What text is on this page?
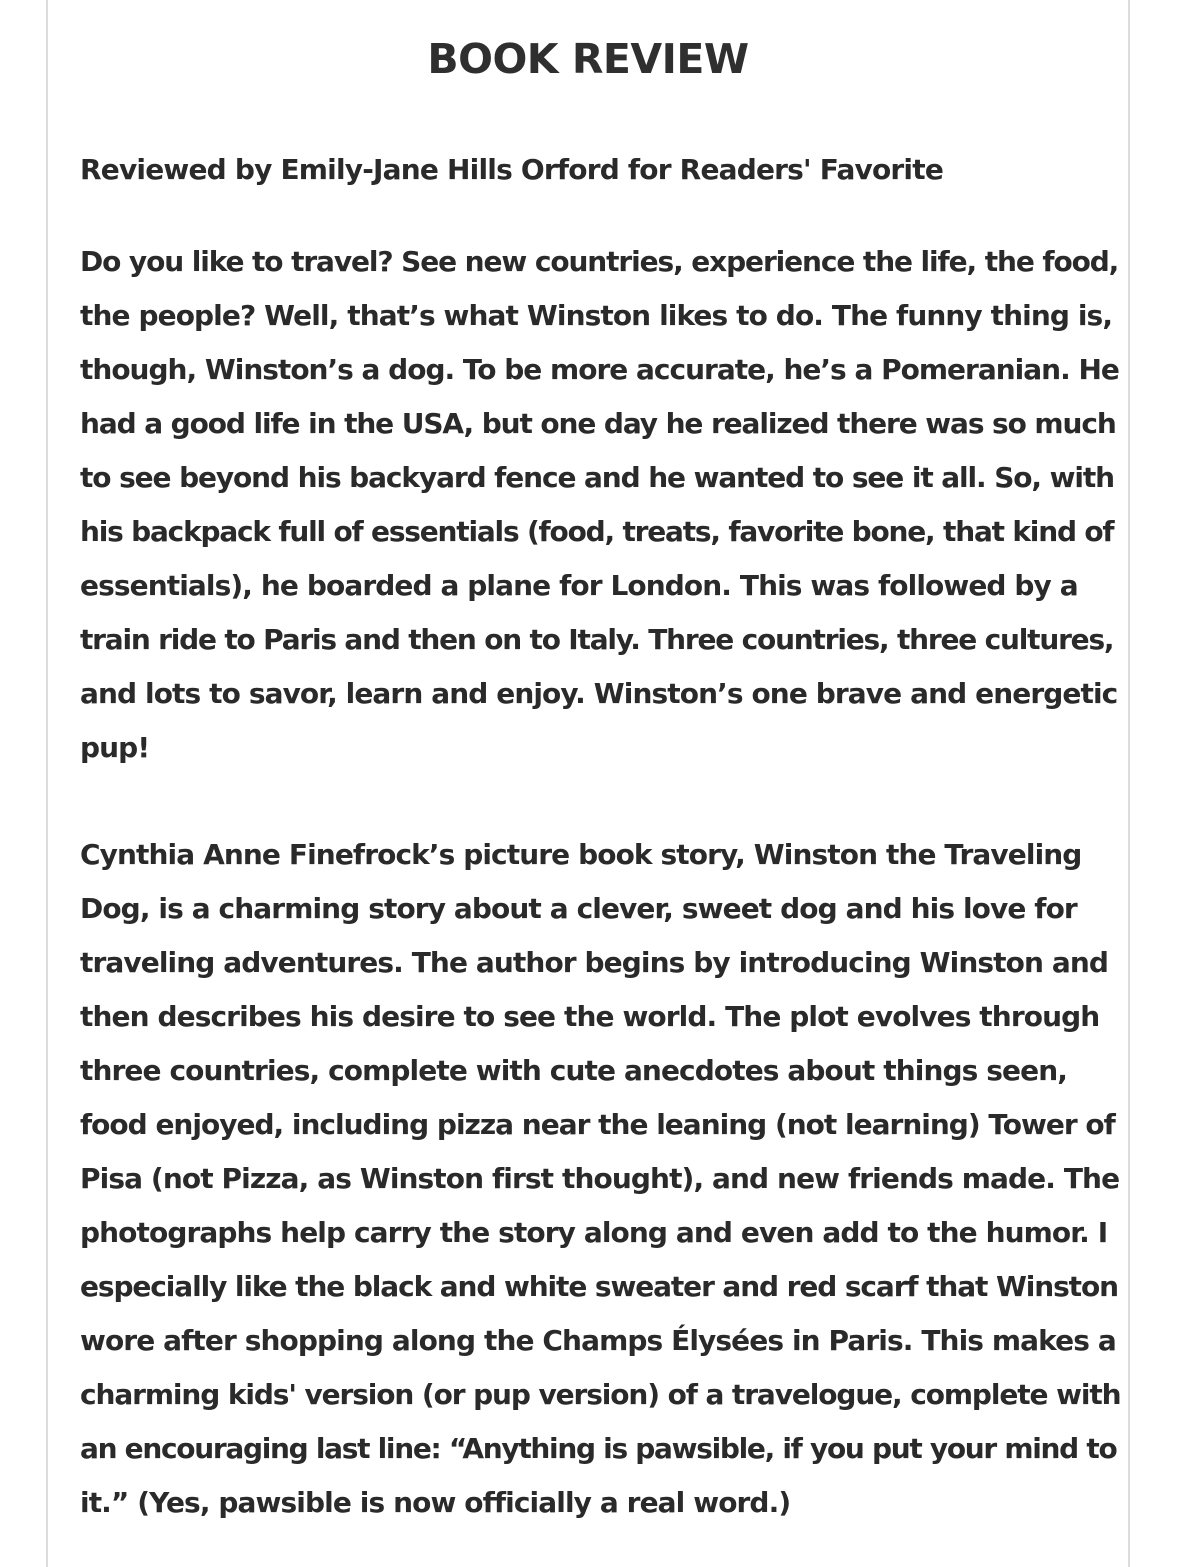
BOOK REVIEW

Reviewed by Emily-Jane Hills Orford for Readers' Favorite

Do you like to travel? See new countries, experience the life, the food,
the people? Well, that’s what Winston likes to do. The funny thing is,
though, Winston’s a dog. To be more accurate, he’s a Pomeranian. He
had a good life in the USA, but one day he realized there was so much
to see beyond his backyard fence and he wanted to see it all. So, with
his backpack full of essentials (food, treats, favorite bone, that kind of
essentials), he boarded a plane for London. This was followed by a
train ride to Paris and then on to Italy. Three countries, three cultures,
and lots to savor, learn and enjoy. Winston’s one brave and energetic
pup!
Cynthia Anne Finefrock’s picture book story, Winston the Traveling
Dog, is a charming story about a clever, sweet dog and his love for
traveling adventures. The author begins by introducing Winston and
then describes his desire to see the world. The plot evolves through
three countries, complete with cute anecdotes about things seen,
food enjoyed, including pizza near the leaning (not learning) Tower of
Pisa (not Pizza, as Winston first thought), and new friends made. The
photographs help carry the story along and even add to the humor. I
especially like the black and white sweater and red scarf that Winston
wore after shopping along the Champs Élysées in Paris. This makes a
charming kids' version (or pup version) of a travelogue, complete with
an encouraging last line: “Anything is pawsible, if you put your mind to
it.” (Yes, pawsible is now officially a real word.)
